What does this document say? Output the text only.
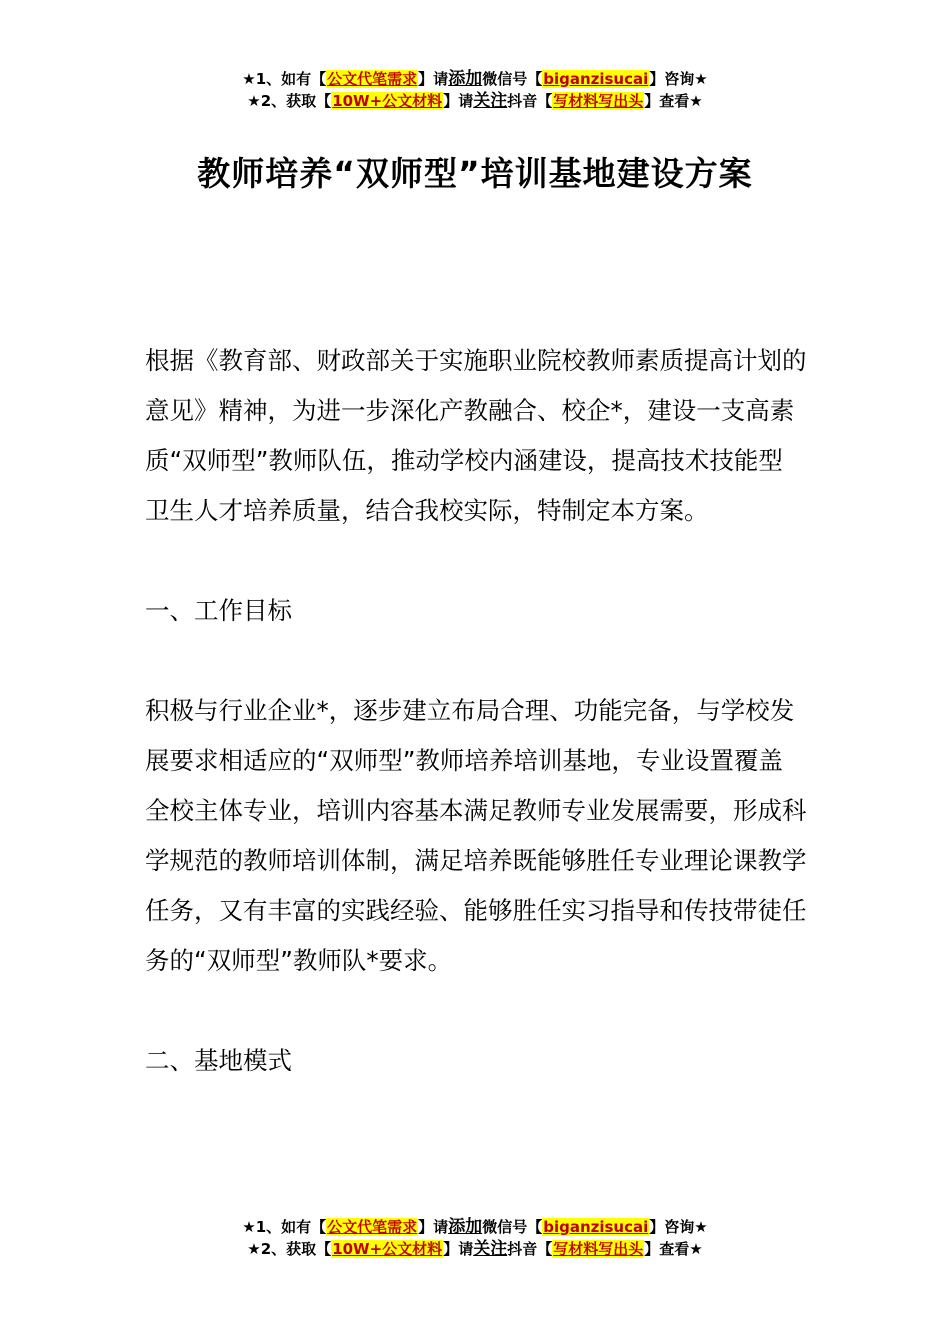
★1、如有【公文代笔需求】请添加微信号【biganzisucai】咨询★
★2、获取【10W+公文材料】请关注抖音【写材料写出头】查看★
教师培养“双师型”培训基地建设方案

根据《教育部、财政部关于实施职业院校教师素质提高计划的意见》精神，为进一步深化产教融合、校企*，建设一支高素质“双师型”教师队伍，推动学校内涵建设，提高技术技能型卫生人才培养质量，结合我校实际，特制定本方案。

一、工作目标

积极与行业企业*，逐步建立布局合理、功能完备，与学校发展要求相适应的“双师型”教师培养培训基地，专业设置覆盖全校主体专业，培训内容基本满足教师专业发展需要，形成科学规范的教师培训体制，满足培养既能够胜任专业理论课教学任务，又有丰富的实践经验、能够胜任实习指导和传技带徒任务的“双师型”教师队*要求。

二、基地模式

★1、如有【公文代笔需求】请添加微信号【biganzisucai】咨询★
★2、获取【10W+公文材料】请关注抖音【写材料写出头】查看★
